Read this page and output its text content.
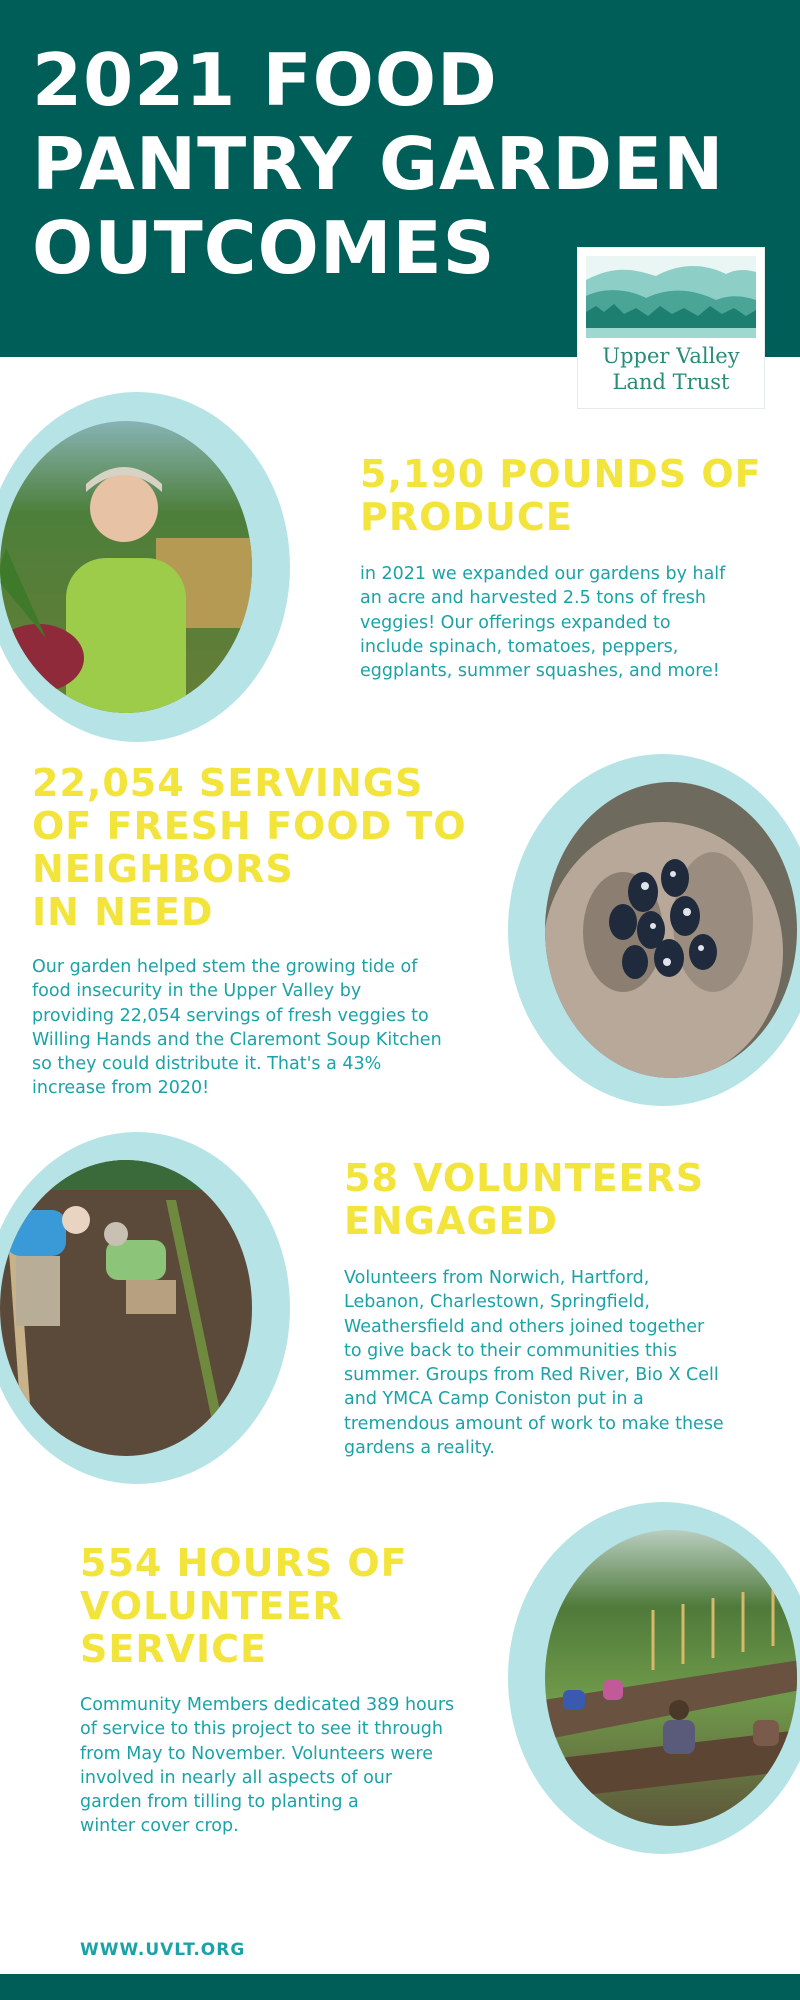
2021 FOOD
PANTRY GARDEN
OUTCOMES
Upper Valley
Land Trust
5,190 POUNDS OF
PRODUCE
in 2021 we expanded our gardens by half
an acre and harvested 2.5 tons of fresh
veggies! Our offerings expanded to
include spinach, tomatoes, peppers,
eggplants, summer squashes, and more!
22,054 SERVINGS
OF FRESH FOOD TO
NEIGHBORS
IN NEED
Our garden helped stem the growing tide of
food insecurity in the Upper Valley by
providing 22,054 servings of fresh veggies to
Willing Hands and the Claremont Soup Kitchen
so they could distribute it. That's a 43%
increase from 2020!
58 VOLUNTEERS
ENGAGED
Volunteers from Norwich, Hartford,
Lebanon, Charlestown, Springfield,
Weathersfield and others joined together
to give back to their communities this
summer. Groups from Red River, Bio X Cell
and YMCA Camp Coniston put in a
tremendous amount of work to make these
gardens a reality.
554 HOURS OF
VOLUNTEER
SERVICE
Community Members dedicated 389 hours
of service to this project to see it through
from May to November. Volunteers were
involved in nearly all aspects of our
garden from tilling to planting a
winter cover crop.
WWW.UVLT.ORG
